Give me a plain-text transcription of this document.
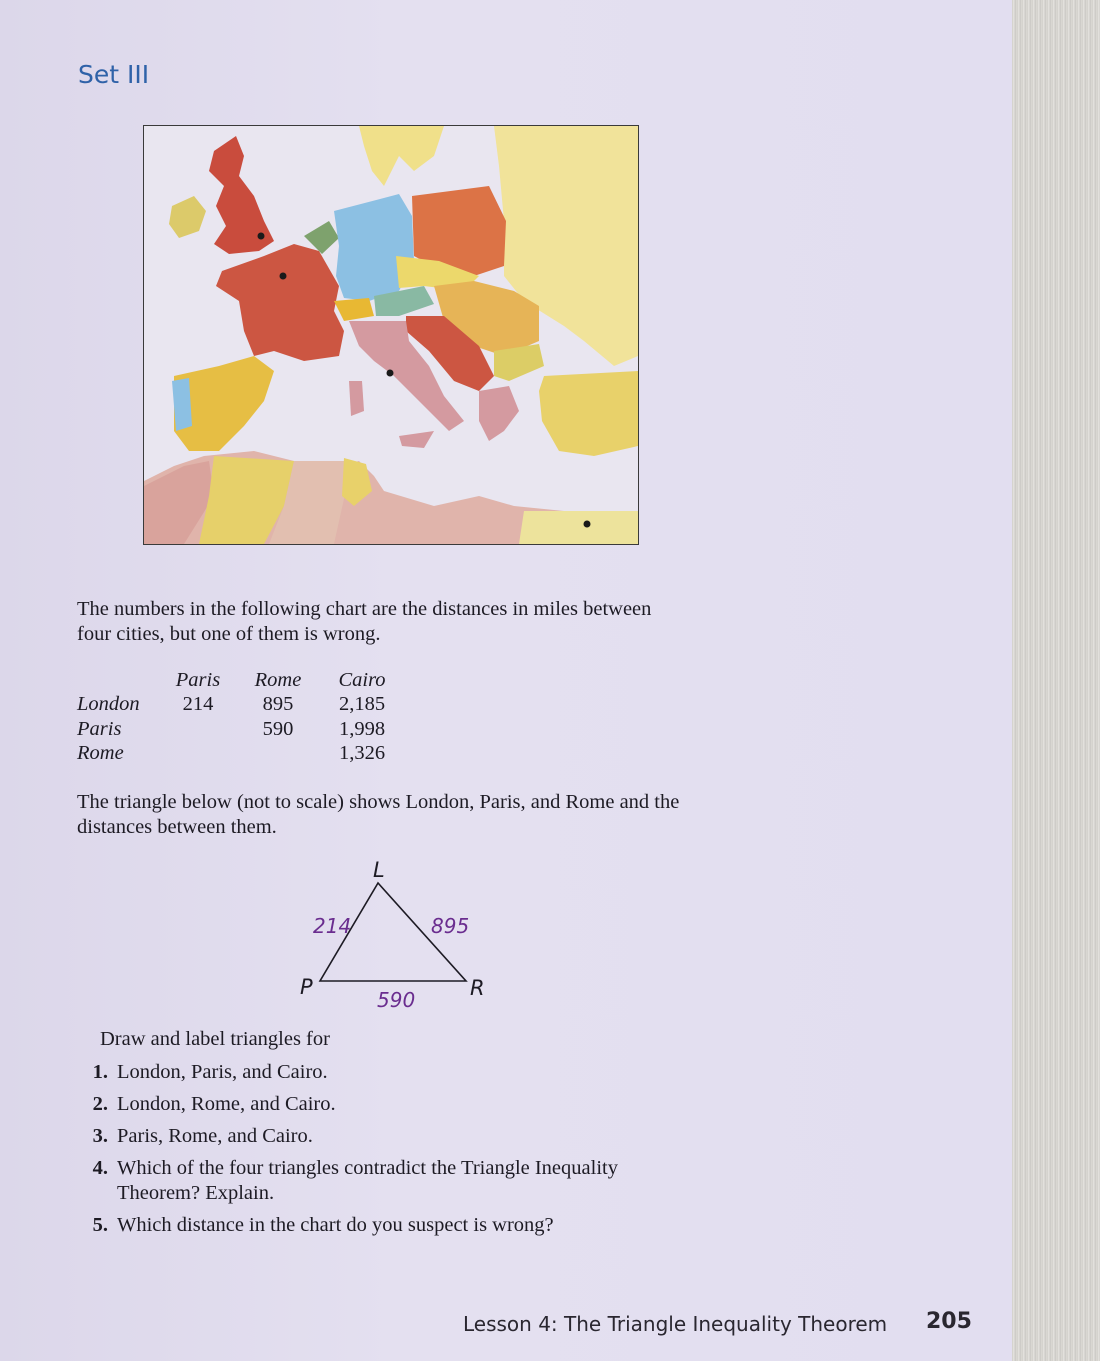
Set III
The numbers in the following chart are the distances in miles between four cities, but one of them is wrong.
	Paris	Rome	Cairo
London	214	895	2,185
Paris		590	1,998
Rome			1,326
The triangle below (not to scale) shows London, Paris, and Rome and the distances between them.
L
P	R
214	895
590
Draw and label triangles for
1. London, Paris, and Cairo.
2. London, Rome, and Cairo.
3. Paris, Rome, and Cairo.
4. Which of the four triangles contradict the Triangle Inequality Theorem? Explain.
5. Which distance in the chart do you suspect is wrong?
Lesson 4: The Triangle Inequality Theorem 205
